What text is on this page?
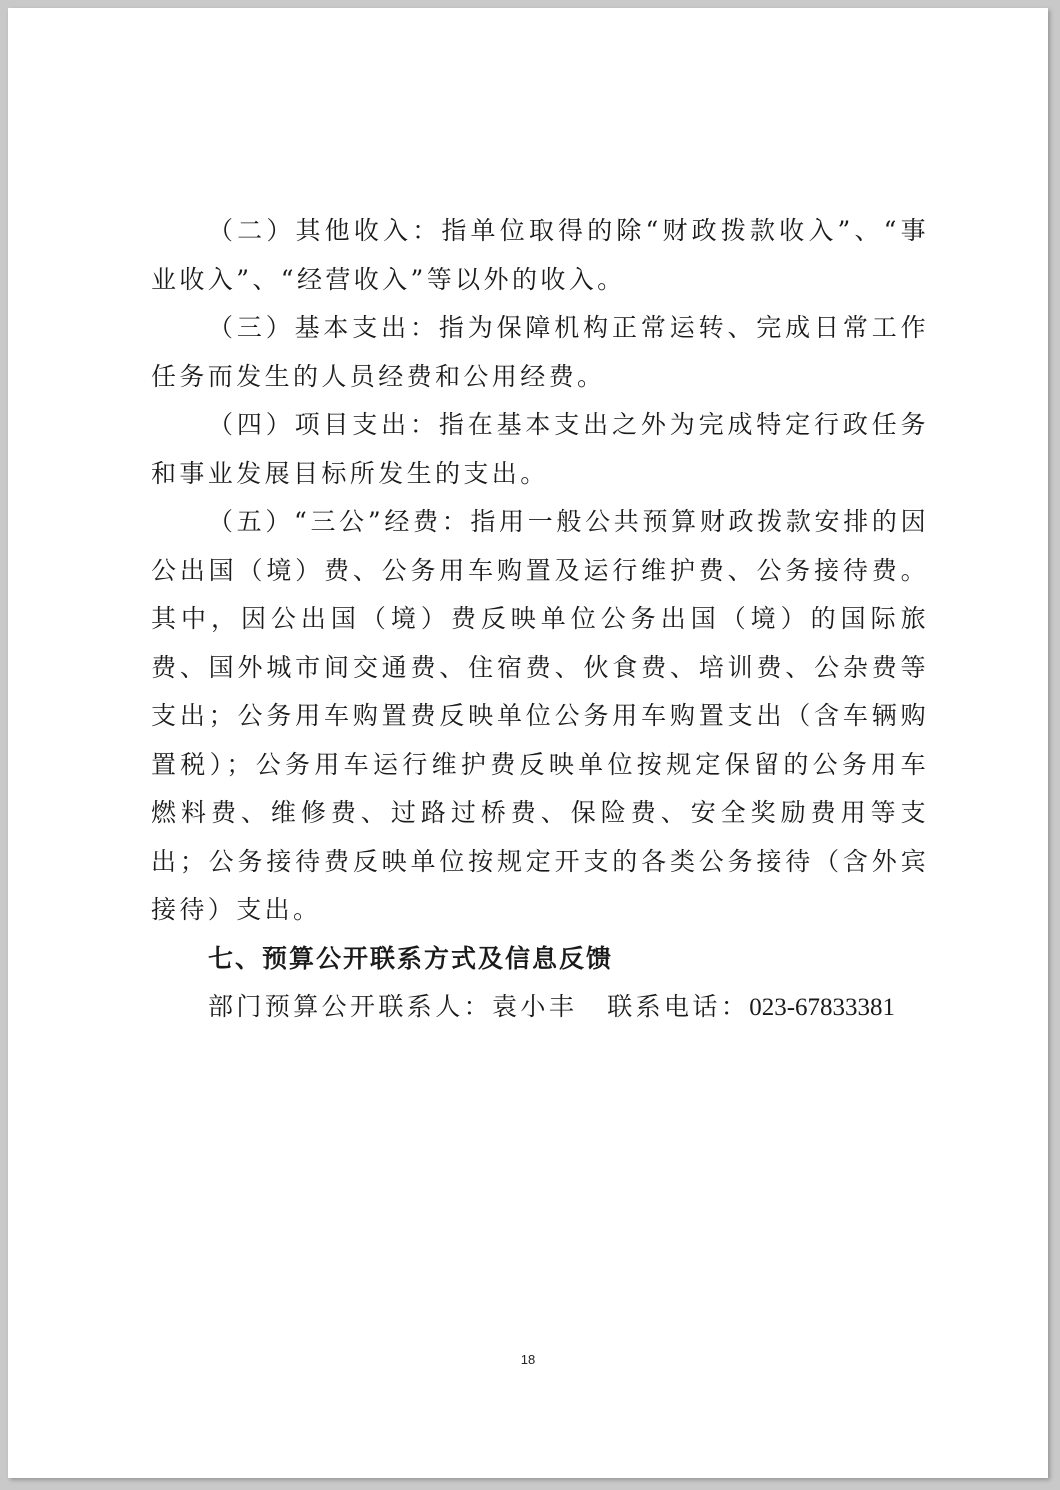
（二）其他收入：指单位取得的除“财政拨款收入”、“事业收入”、“经营收入”等以外的收入。

（三）基本支出：指为保障机构正常运转、完成日常工作任务而发生的人员经费和公用经费。

（四）项目支出：指在基本支出之外为完成特定行政任务和事业发展目标所发生的支出。

（五）“三公”经费：指用一般公共预算财政拨款安排的因公出国（境）费、公务用车购置及运行维护费、公务接待费。其中，因公出国（境）费反映单位公务出国（境）的国际旅费、国外城市间交通费、住宿费、伙食费、培训费、公杂费等支出；公务用车购置费反映单位公务用车购置支出（含车辆购置税）；公务用车运行维护费反映单位按规定保留的公务用车燃料费、维修费、过路过桥费、保险费、安全奖励费用等支出；公务接待费反映单位按规定开支的各类公务接待（含外宾接待）支出。

七、预算公开联系方式及信息反馈

部门预算公开联系人：袁小丰 联系电话：023-67833381

18
